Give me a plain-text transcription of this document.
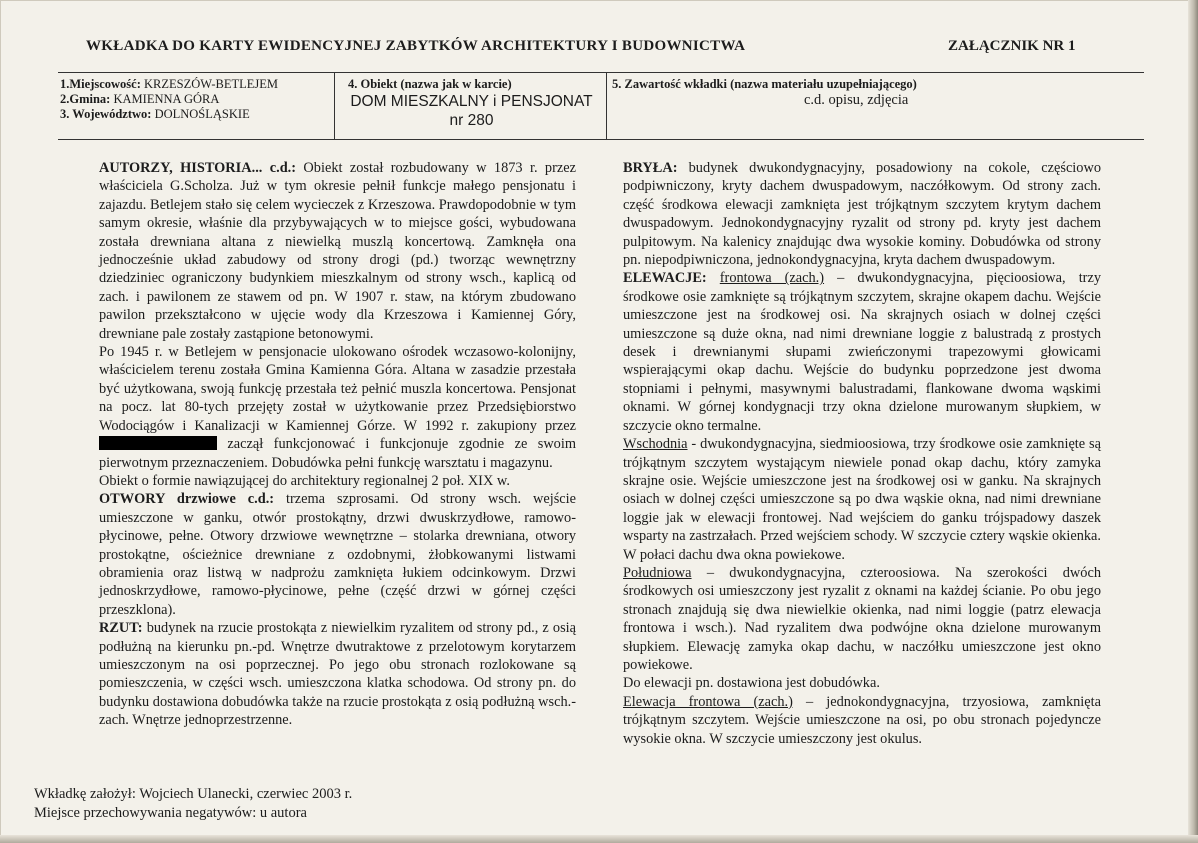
WKŁADKA DO KARTY EWIDENCYJNEJ ZABYTKÓW ARCHITEKTURY I BUDOWNICTWA	ZAŁĄCZNIK NR 1
1.Miejscowość: KRZESZÓW-BETLEJEM
2.Gmina: KAMIENNA GÓRA
3. Województwo: DOLNOŚLĄSKIE
4. Obiekt (nazwa jak w karcie)
DOM MIESZKALNY i PENSJONAT
nr 280
5. Zawartość wkładki (nazwa materiału uzupełniającego)
c.d. opisu, zdjęcia

AUTORZY, HISTORIA... c.d.: Obiekt został rozbudowany w 1873 r. przez właściciela G.Scholza. Już w tym okresie pełnił funkcje małego pensjonatu i zajazdu. Betlejem stało się celem wycieczek z Krzeszowa. Prawdopodobnie w tym samym okresie, właśnie dla przybywających w to miejsce gości, wybudowana została drewniana altana z niewielką muszlą koncertową. Zamknęła ona jednocześnie układ zabudowy od strony drogi (pd.) tworząc wewnętrzny dziedziniec ograniczony budynkiem mieszkalnym od strony wsch., kaplicą od zach. i pawilonem ze stawem od pn. W 1907 r. staw, na którym zbudowano pawilon przekształcono w ujęcie wody dla Krzeszowa i Kamiennej Góry, drewniane pale zostały zastąpione betonowymi.

Po 1945 r. w Betlejem w pensjonacie ulokowano ośrodek wczasowo-kolonijny, właścicielem terenu została Gmina Kamienna Góra. Altana w zasadzie przestała być użytkowana, swoją funkcję przestała też pełnić muszla koncertowa. Pensjonat na pocz. lat 80-tych przejęty został w użytkowanie przez Przedsiębiorstwo Wodociągów i Kanalizacji w Kamiennej Górze. W 1992 r. zakupiony przez  zaczął funkcjonować i funkcjonuje zgodnie ze swoim pierwotnym przeznaczeniem. Dobudówka pełni funkcję warsztatu i magazynu.

Obiekt o formie nawiązującej do architektury regionalnej 2 poł. XIX w.

OTWORY drzwiowe c.d.: trzema szprosami. Od strony wsch. wejście umieszczone w ganku, otwór prostokątny, drzwi dwuskrzydłowe, ramowo-płycinowe, pełne. Otwory drzwiowe wewnętrzne – stolarka drewniana, otwory prostokątne, ościeżnice drewniane z ozdobnymi, żłobkowanymi listwami obramienia oraz listwą w nadprożu zamknięta łukiem odcinkowym. Drzwi jednoskrzydłowe, ramowo-płycinowe, pełne (część drzwi w górnej części przeszklona).

RZUT: budynek na rzucie prostokąta z niewielkim ryzalitem od strony pd., z osią podłużną na kierunku pn.-pd. Wnętrze dwutraktowe z przelotowym korytarzem umieszczonym na osi poprzecznej. Po jego obu stronach rozlokowane są pomieszczenia, w części wsch. umieszczona klatka schodowa. Od strony pn. do budynku dostawiona dobudówka także na rzucie prostokąta z osią podłużną wsch.-zach. Wnętrze jednoprzestrzenne.

BRYŁA: budynek dwukondygnacyjny, posadowiony na cokole, częściowo podpiwniczony, kryty dachem dwuspadowym, naczółkowym. Od strony zach. część środkowa elewacji zamknięta jest trójkątnym szczytem krytym dachem dwuspadowym. Jednokondygnacyjny ryzalit od strony pd. kryty jest dachem pulpitowym. Na kalenicy znajdując dwa wysokie kominy. Dobudówka od strony pn. niepodpiwniczona, jednokondygnacyjna, kryta dachem dwuspadowym.

ELEWACJE: frontowa (zach.) – dwukondygnacyjna, pięcioosiowa, trzy środkowe osie zamknięte są trójkątnym szczytem, skrajne okapem dachu. Wejście umieszczone jest na środkowej osi. Na skrajnych osiach w dolnej części umieszczone są duże okna, nad nimi drewniane loggie z balustradą z prostych desek i drewnianymi słupami zwieńczonymi trapezowymi głowicami wspierającymi okap dachu. Wejście do budynku poprzedzone jest dwoma stopniami i pełnymi, masywnymi balustradami, flankowane dwoma wąskimi oknami. W górnej kondygnacji trzy okna dzielone murowanym słupkiem, w szczycie okno termalne.

Wschodnia - dwukondygnacyjna, siedmioosiowa, trzy środkowe osie zamknięte są trójkątnym szczytem wystającym niewiele ponad okap dachu, który zamyka skrajne osie. Wejście umieszczone jest na środkowej osi w ganku. Na skrajnych osiach w dolnej części umieszczone są po dwa wąskie okna, nad nimi drewniane loggie jak w elewacji frontowej. Nad wejściem do ganku trójspadowy daszek wsparty na zastrzałach. Przed wejściem schody. W szczycie cztery wąskie okienka. W połaci dachu dwa okna powiekowe.

Południowa – dwukondygnacyjna, czteroosiowa. Na szerokości dwóch środkowych osi umieszczony jest ryzalit z oknami na każdej ścianie. Po obu jego stronach znajdują się dwa niewielkie okienka, nad nimi loggie (patrz elewacja frontowa i wsch.). Nad ryzalitem dwa podwójne okna dzielone murowanym słupkiem. Elewację zamyka okap dachu, w naczółku umieszczone jest okno powiekowe.

Do elewacji pn. dostawiona jest dobudówka.

Elewacja frontowa (zach.) – jednokondygnacyjna, trzyosiowa, zamknięta trójkątnym szczytem. Wejście umieszczone na osi, po obu stronach pojedyncze wysokie okna. W szczycie umieszczony jest okulus.

Wkładkę założył: Wojciech Ulanecki, czerwiec 2003 r.
Miejsce przechowywania negatywów: u autora
